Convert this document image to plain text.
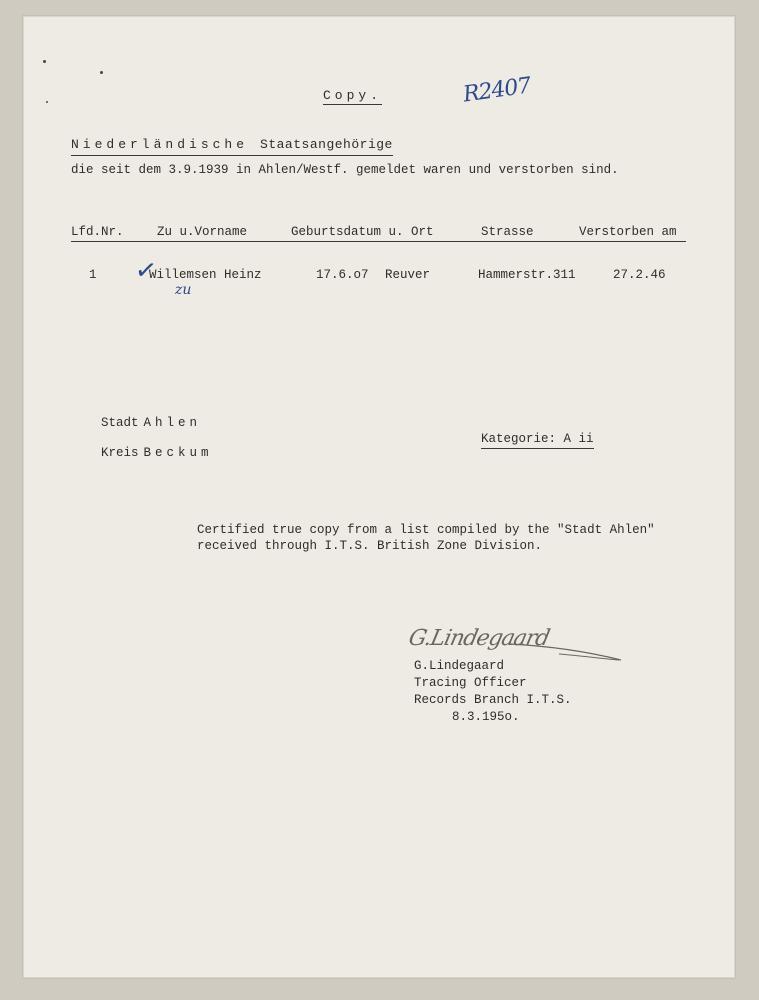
Copy.	R2407
Niederländische Staatsangehörige
die seit dem 3.9.1939 in Ahlen/Westf. gemeldet waren und verstorben sind.
Lfd.Nr.	Zu u.Vorname	Geburtsdatum u. Ort	Strasse	Verstorben am
✓
1	Willemsen Heinz	17.6.o7 Reuver	Hammerstr.311	27.2.46
zu
Stadt Ahlen
Kreis Beckum
Kategorie: A ii
Certified true copy from a list compiled by the "Stadt Ahlen"
received through I.T.S. British Zone Division.
G.Lindegaard
G.Lindegaard
Tracing Officer
Records Branch I.T.S.
8.3.195o.
